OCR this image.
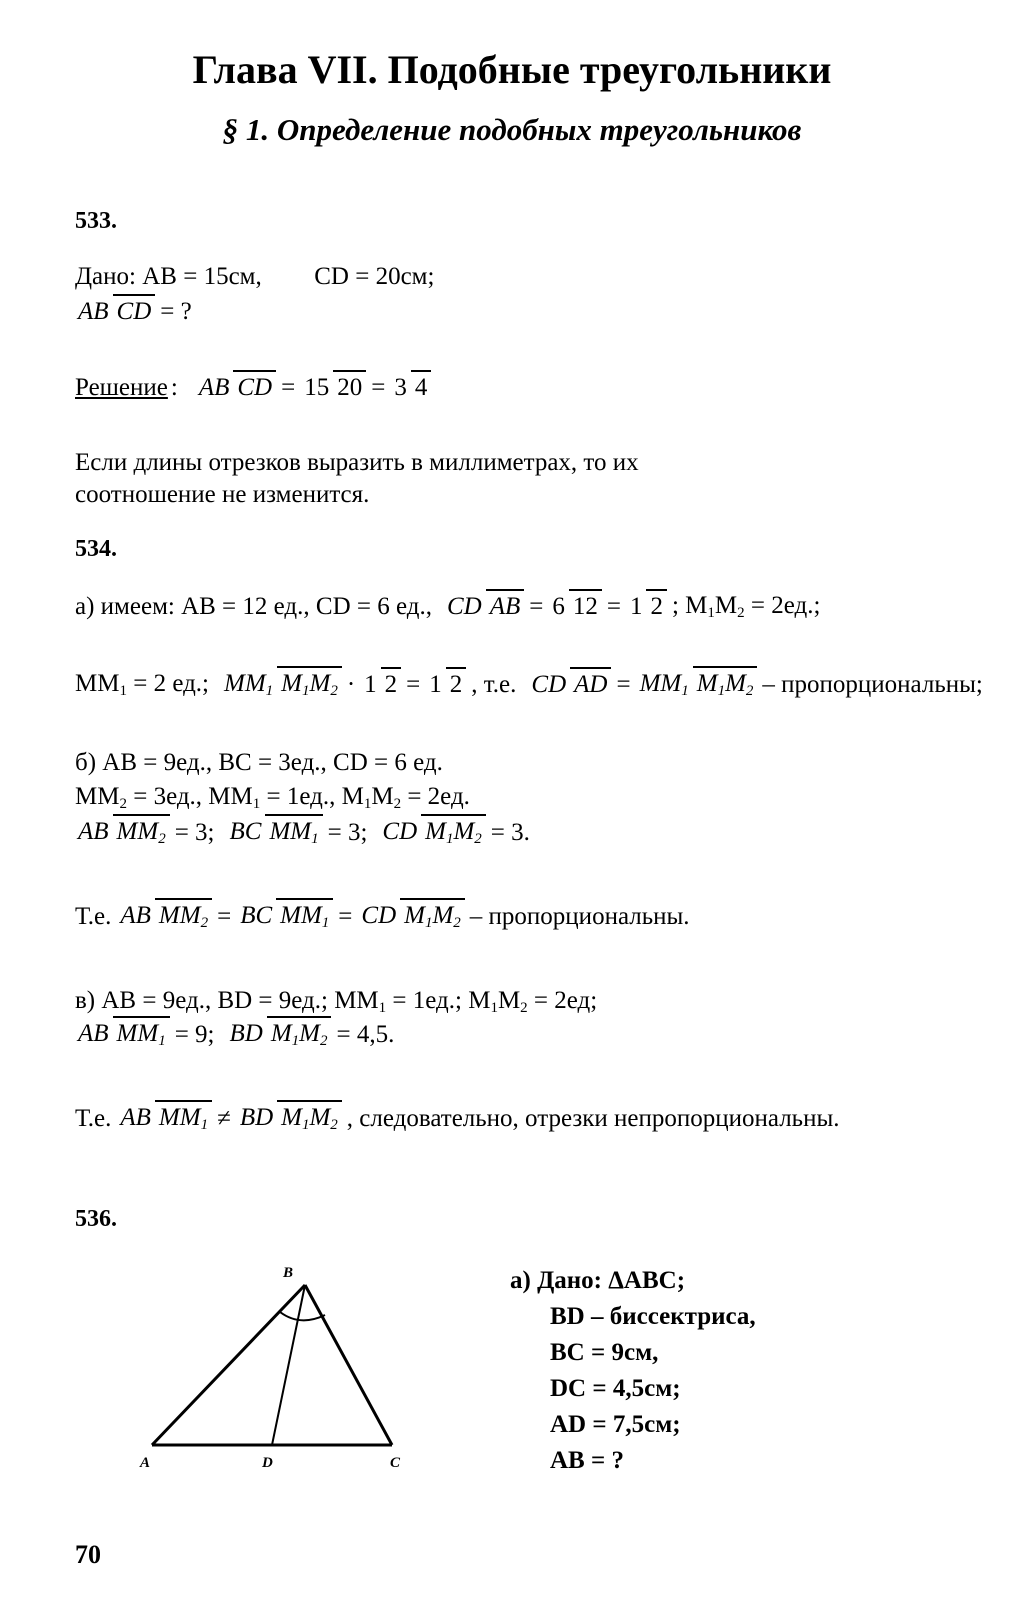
Глава VII. Подобные треугольники
§ 1. Определение подобных треугольников
533.
Дано: AB = 15см, CD = 20см;
AB CD = ?
Решение : AB CD = 15 20 = 3 4
Если длины отрезков выразить в миллиметрах, то их
соотношение не изменится.
534.
а) имеем: AB = 12 ед., CD = 6 ед., CD AB = 6 12 = 1 2 ; $M_1M_2 = 2ед$.;
$MM_1 = 2$ ед.; $MM_1$ $M_1M_2 \cdot 1$ 2 = 1 2 , т.е. CD AD = $MM_1$ $M_1M_2$ – пропорциональны;
б) AB = 9ед., BC = 3ед., CD = 6 ед.
$MM_2 = 3ед$., $MM_1 = 1ед$., $M_1M_2 = 2ед$.
AB $MM_2 = 3$; BC $MM_1 = 3$; CD $M_1M_2 = 3$.
Т.е. AB $MM_2$ = BC $MM_1$ = CD $M_1M_2$ – пропорциональны.
в) AB = 9ед., BD = 9ед.; $MM_1 = 1ед$.; $M_1M_2 = 2ед$;
AB $MM_1 = 9$; BD $M_1M_2 = 4,5$.
Т.е. AB $MM_1$ ≠ BD $M_1M_2$ , следовательно, отрезки непропорциональны.
536.
B
A	D	C
а) Дано: ΔABC;
BD – биссектриса,
BC = 9см,
DC = 4,5см;
AD = 7,5см;
AB = ?
70
